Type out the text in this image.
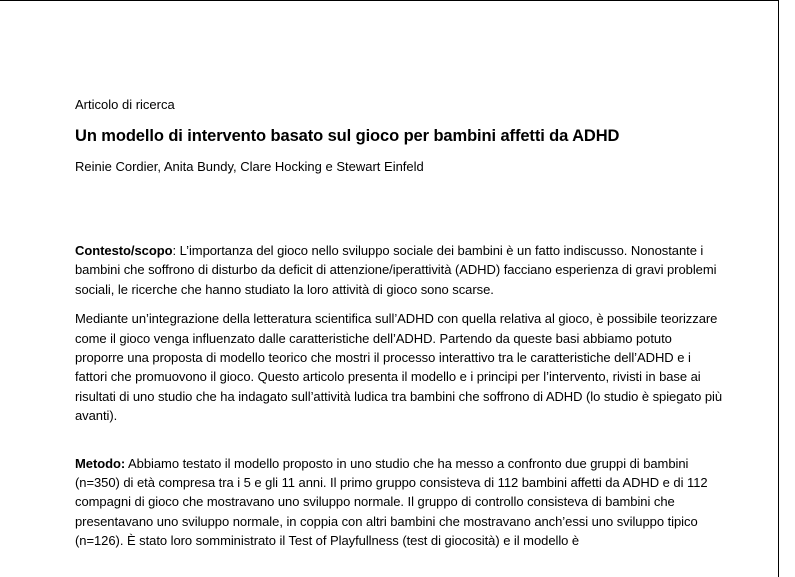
Articolo di ricerca

Un modello di intervento basato sul gioco per bambini affetti da ADHD

Reinie Cordier, Anita Bundy, Clare Hocking e Stewart Einfeld

Contesto/scopo: L’importanza del gioco nello sviluppo sociale dei bambini è un fatto indiscusso. Nonostante i bambini che soffrono di disturbo da deficit di attenzione/iperattività (ADHD) facciano esperienza di gravi problemi sociali, le ricerche che hanno studiato la loro attività di gioco sono scarse.

Mediante un’integrazione della letteratura scientifica sull’ADHD con quella relativa al gioco, è possibile teorizzare come il gioco venga influenzato dalle caratteristiche dell’ADHD. Partendo da queste basi abbiamo potuto proporre una proposta di modello teorico che mostri il processo interattivo tra le caratteristiche dell’ADHD e i fattori che promuovono il gioco. Questo articolo presenta il modello e i principi per l’intervento, rivisti in base ai risultati di uno studio che ha indagato sull’attività ludica tra bambini che soffrono di ADHD (lo studio è spiegato più avanti).

Metodo: Abbiamo testato il modello proposto in uno studio che ha messo a confronto due gruppi di bambini (n=350) di età compresa tra i 5 e gli 11 anni. Il primo gruppo consisteva di 112 bambini affetti da ADHD e di 112 compagni di gioco che mostravano uno sviluppo normale. Il gruppo di controllo consisteva di bambini che presentavano uno sviluppo normale, in coppia con altri bambini che mostravano anch’essi uno sviluppo tipico (n=126). È stato loro somministrato il Test of Playfullness (test di giocosità) e il modello è
